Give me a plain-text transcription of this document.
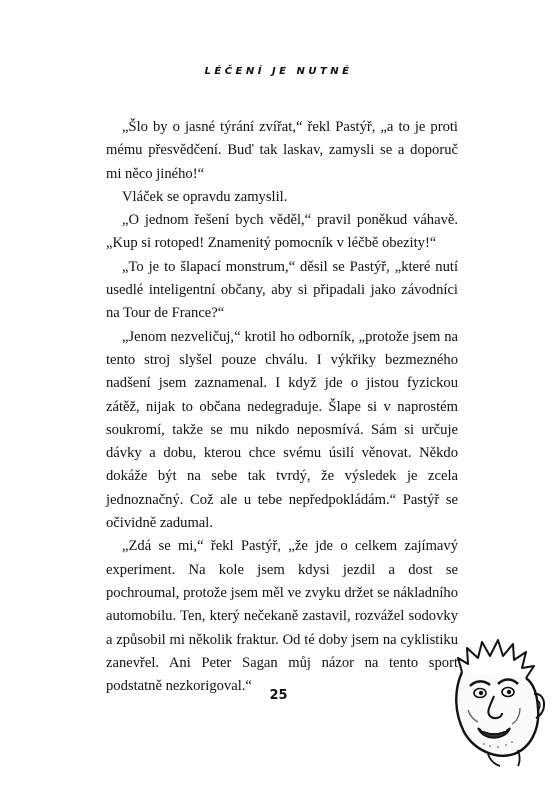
LÉČENÍ JE NUTNÉ

„Šlo by o jasné týrání zvířat,“ řekl Pastýř, „a to je proti mému přesvědčení. Buď tak laskav, zamysli se a doporuč mi něco jiného!“

Vláček se opravdu zamyslil.

„O jednom řešení bych věděl,“ pravil poněkud váhavě. „Kup si rotoped! Znamenitý pomocník v léčbě obezity!“

„To je to šlapací monstrum,“ děsil se Pastýř, „které nutí usedlé inteligentní občany, aby si připadali jako závodníci na Tour de France?“

„Jenom nezveličuj,“ krotil ho odborník, „protože jsem na tento stroj slyšel pouze chválu. I výkřiky bezmezného nadšení jsem zaznamenal. I když jde o jistou fyzickou zátěž, nijak to občana nedegraduje. Šlape si v naprostém soukromí, takže se mu nikdo neposmívá. Sám si určuje dávky a dobu, kterou chce svému úsilí věnovat. Někdo dokáže být na sebe tak tvrdý, že výsledek je zcela jednoznačný. Což ale u tebe nepředpokládám.“ Pastýř se očividně zadumal.

„Zdá se mi,“ řekl Pastýř, „že jde o celkem zajímavý experiment. Na kole jsem kdysi jezdil a dost se pochroumal, protože jsem měl ve zvyku držet se nákladního automobilu. Ten, který nečekaně zastavil, rozvážel sodovky a způsobil mi několik fraktur. Od té doby jsem na cyklistiku zanevřel. Ani Peter Sagan můj názor na tento sport podstatně nezkorigoval.“

25
